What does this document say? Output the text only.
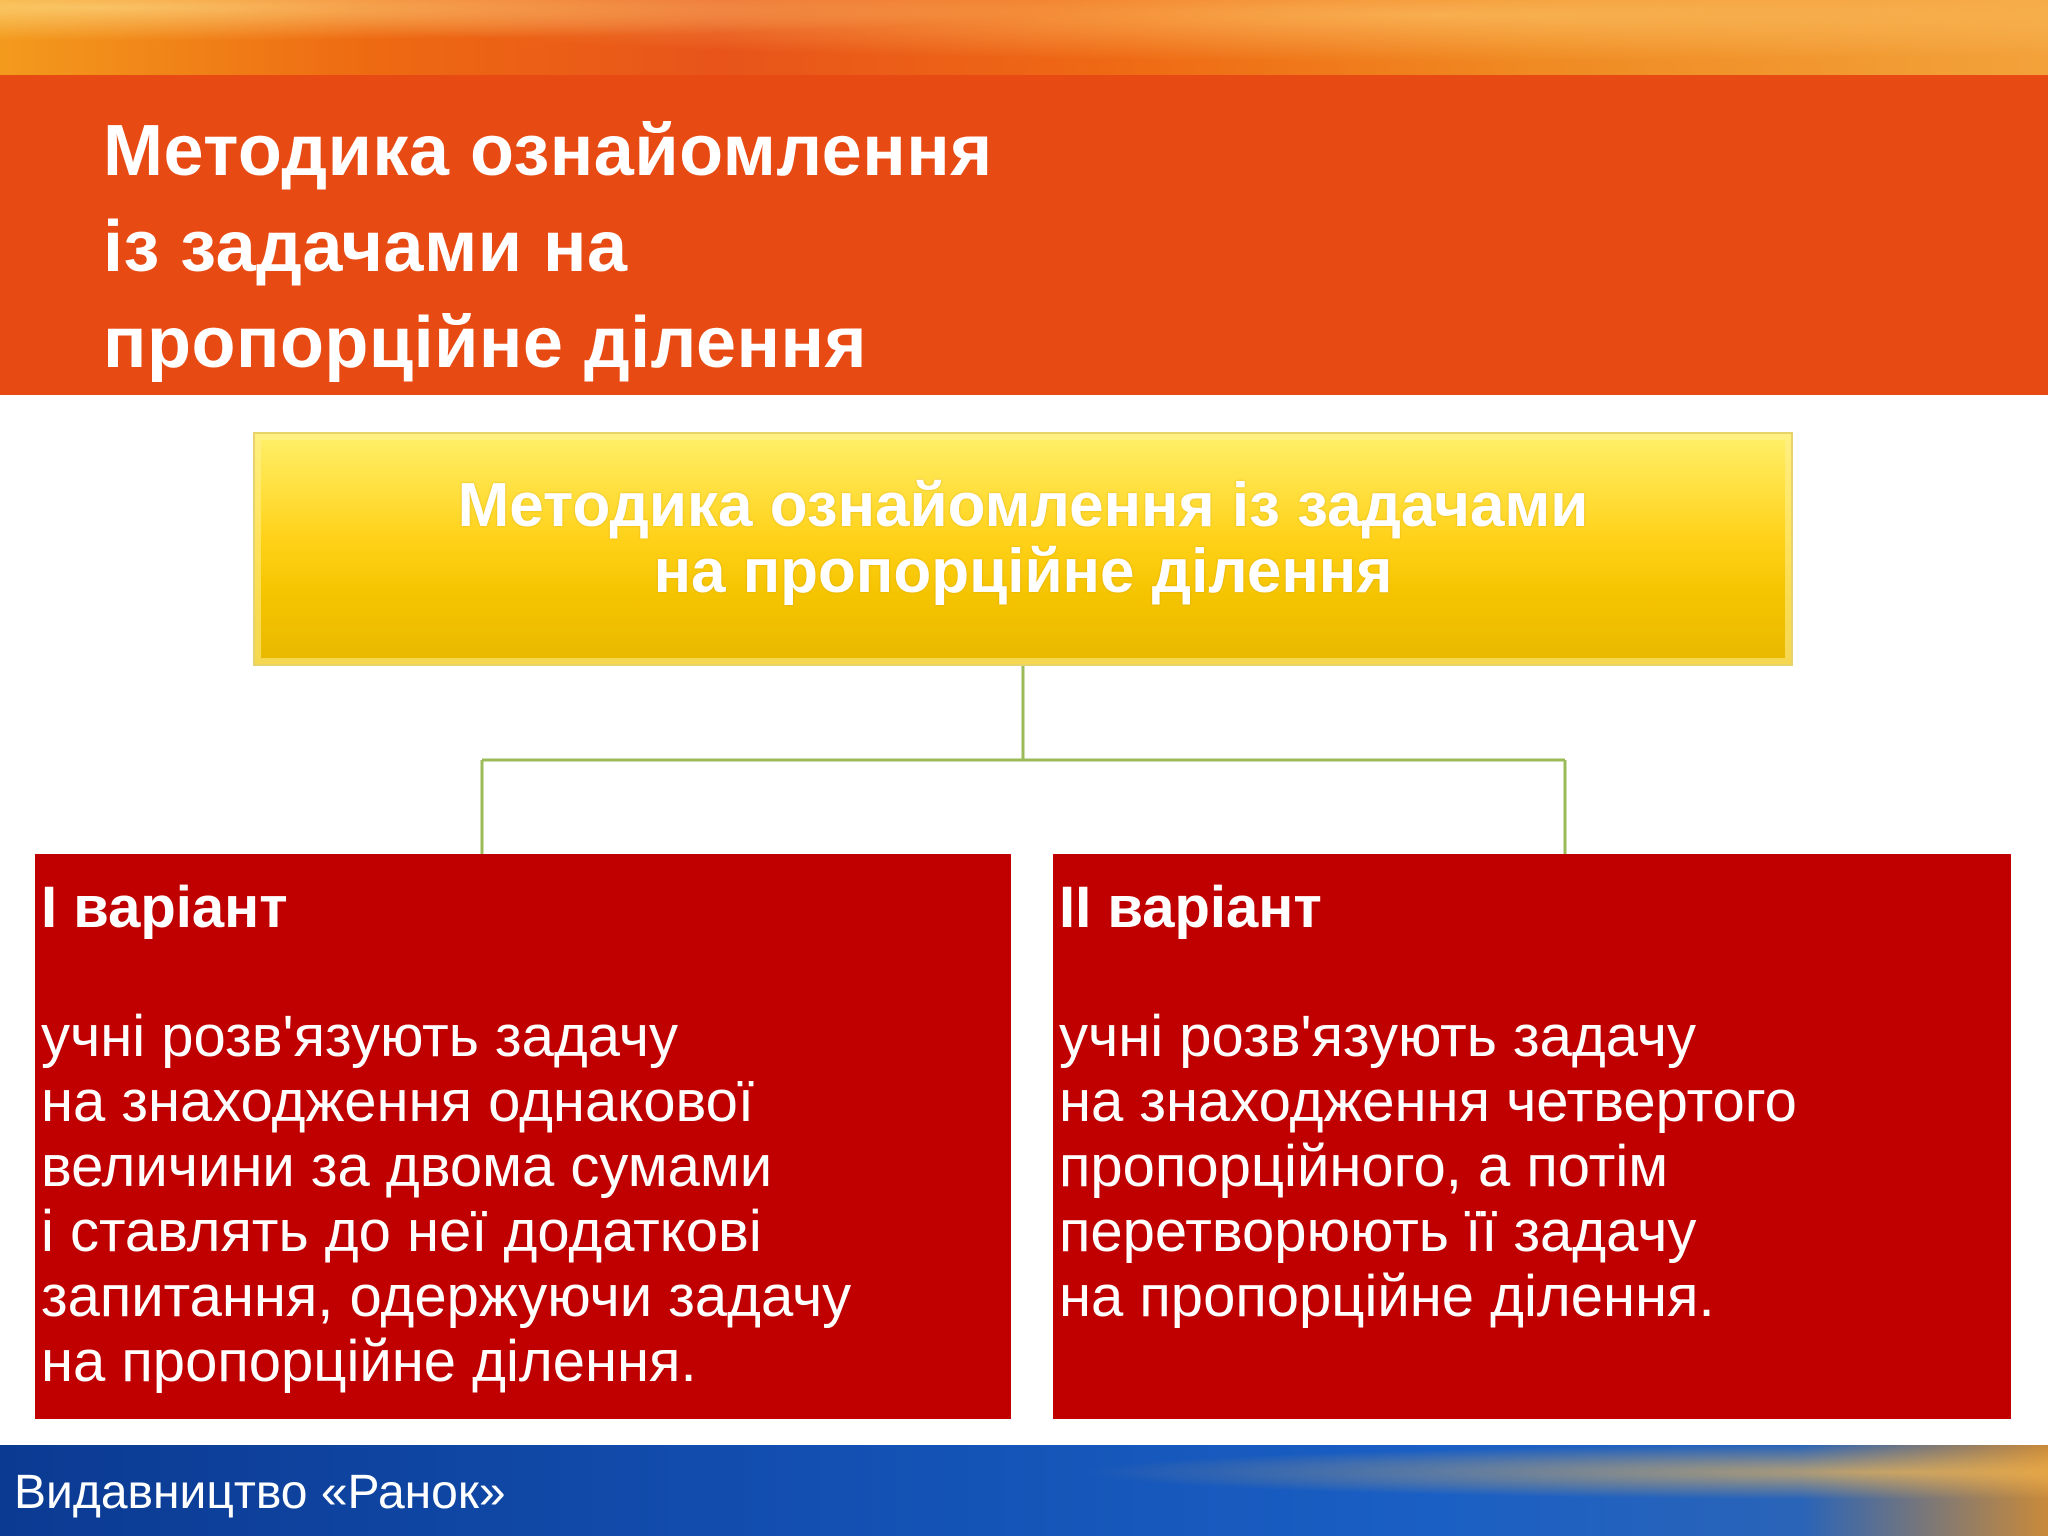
Методика ознайомлення
із задачами на
пропорційне ділення
Методика ознайомлення із задачами
на пропорційне ділення

І варіант

учні розв'язують задачу
на знаходження однакової
величини за двома сумами
і ставлять до неї додаткові
запитання, одержуючи задачу
на пропорційне ділення.

ІІ варіант

учні розв'язують задачу
на знаходження четвертого
пропорційного, а потім
перетворюють її задачу
на пропорційне ділення.

Видавництво «Ранок»
